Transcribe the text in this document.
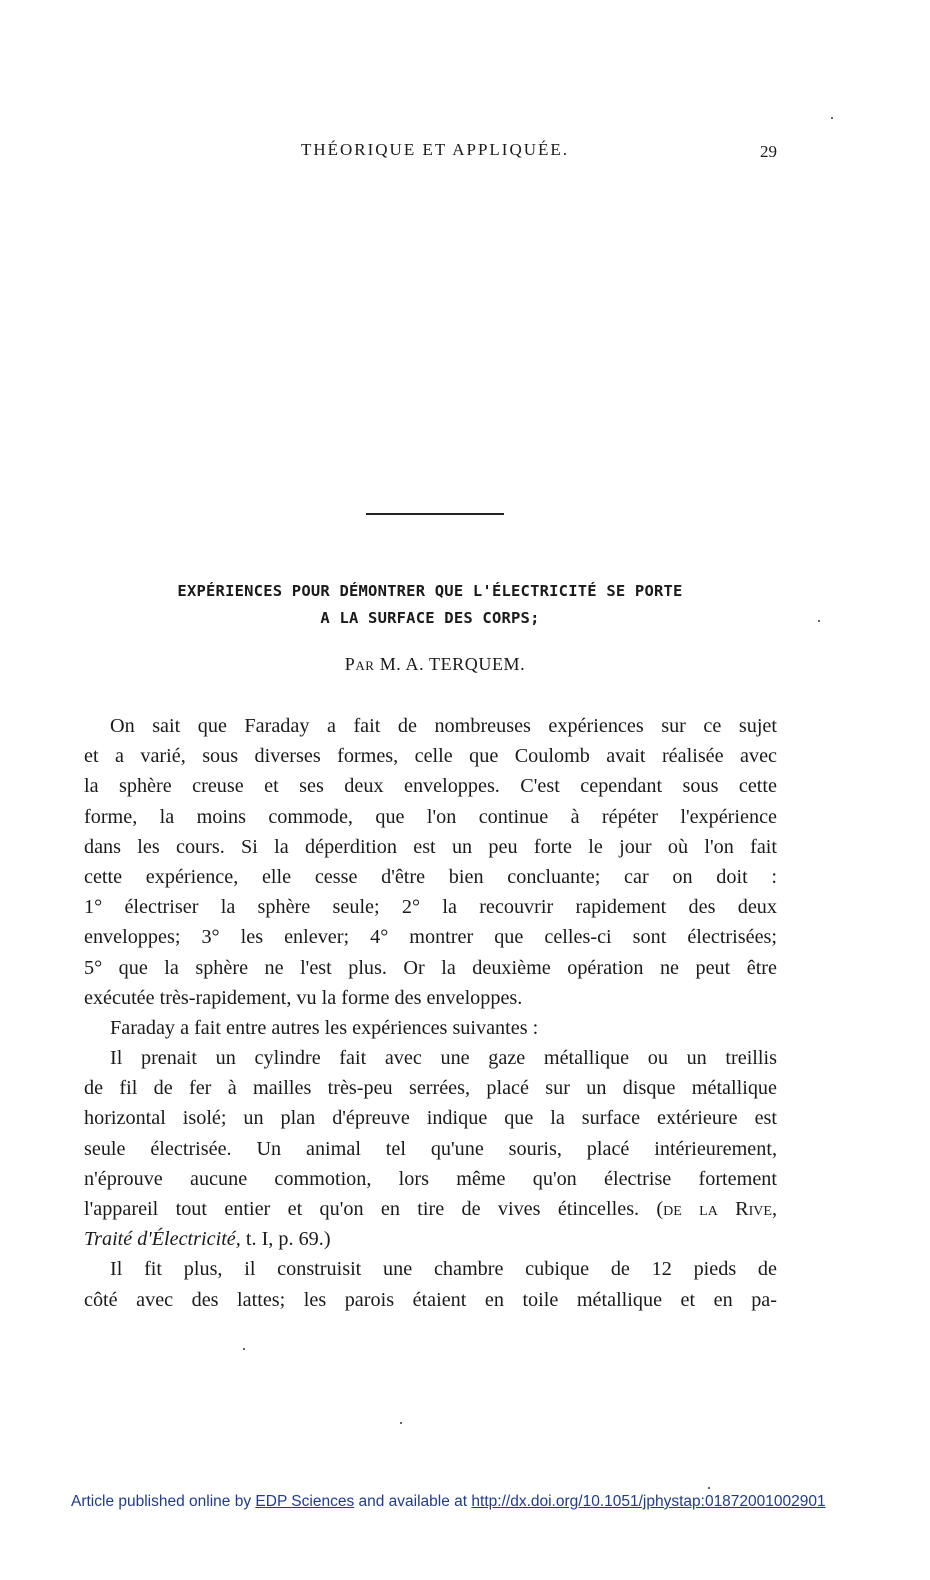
THÉORIQUE ET APPLIQUÉE.	29
EXPÉRIENCES POUR DÉMONTRER QUE L'ÉLECTRICITÉ SE PORTE
A LA SURFACE DES CORPS;
Par M. A. TERQUEM.
On sait que Faraday a fait de nombreuses expériences sur ce sujet
et a varié, sous diverses formes, celle que Coulomb avait réalisée avec
la sphère creuse et ses deux enveloppes. C'est cependant sous cette
forme, la moins commode, que l'on continue à répéter l'expérience
dans les cours. Si la déperdition est un peu forte le jour où l'on fait
cette expérience, elle cesse d'être bien concluante; car on doit :
1° électriser la sphère seule; 2° la recouvrir rapidement des deux
enveloppes; 3° les enlever; 4° montrer que celles-ci sont électrisées;
5° que la sphère ne l'est plus. Or la deuxième opération ne peut être
exécutée très-rapidement, vu la forme des enveloppes.
Faraday a fait entre autres les expériences suivantes :
Il prenait un cylindre fait avec une gaze métallique ou un treillis
de fil de fer à mailles très-peu serrées, placé sur un disque métallique
horizontal isolé; un plan d'épreuve indique que la surface extérieure est
seule électrisée. Un animal tel qu'une souris, placé intérieurement,
n'éprouve aucune commotion, lors même qu'on électrise fortement
l'appareil tout entier et qu'on en tire de vives étincelles. (de la Rive,
Traité d'Électricité, t. I, p. 69.)
Il fit plus, il construisit une chambre cubique de 12 pieds de
côté avec des lattes; les parois étaient en toile métallique et en pa-
Article published online by EDP Sciences and available at http://dx.doi.org/10.1051/jphystap:01872001002901
